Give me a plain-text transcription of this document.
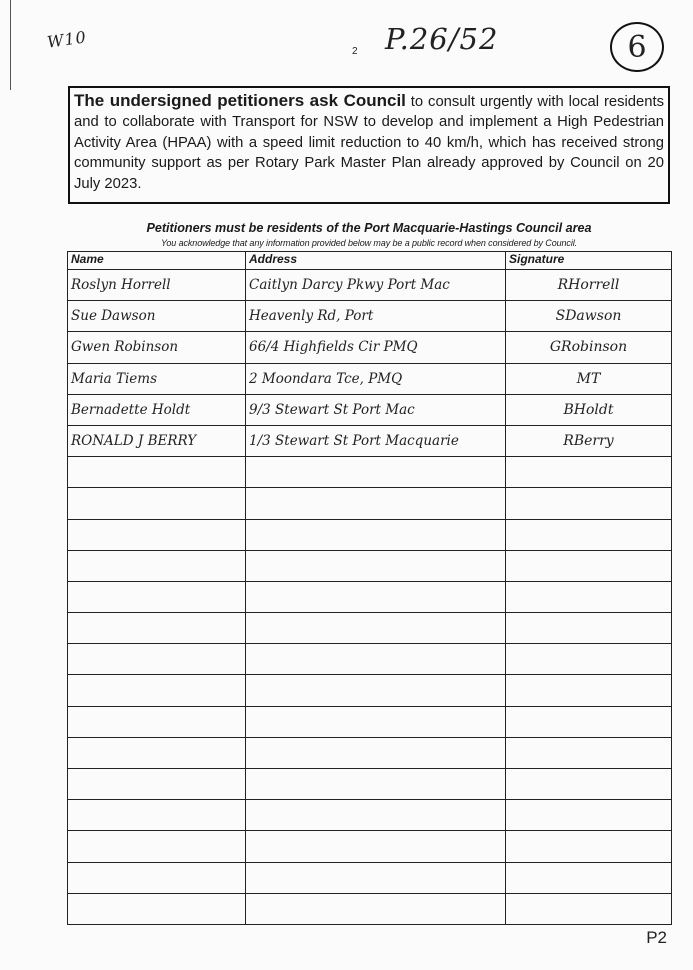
W10	2 P.26/52	6
The undersigned petitioners ask Council to consult urgently with local residents and to collaborate with Transport for NSW to develop and implement a High Pedestrian Activity Area (HPAA) with a speed limit reduction to 40 km/h, which has received strong community support as per Rotary Park Master Plan already approved by Council on 20 July 2023.
Petitioners must be residents of the Port Macquarie-Hastings Council area
You acknowledge that any information provided below may be a public record when considered by Council.
Name	Address	Signature
Roslyn Horrell	Caitlyn Darcy Pkwy Port Mac	RHorrell
Sue Dawson	Heavenly Rd, Port	SDawson
Gwen Robinson	66/4 Highfields Cir PMQ	GRobinson
Maria Tiems	2 Moondara Tce, PMQ	MT
Bernadette Holdt	9/3 Stewart St Port Mac	BHoldt
RONALD J BERRY	1/3 Stewart St Port Macquarie	RBerry

P2
